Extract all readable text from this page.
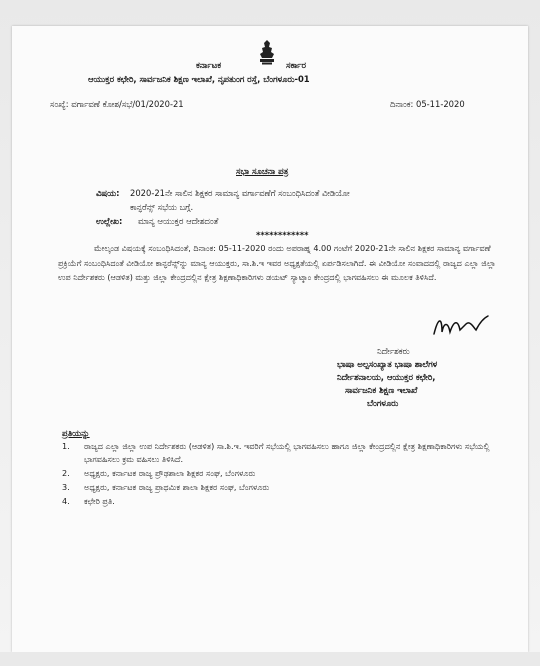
ಕರ್ನಾಟಕ	ಸರ್ಕಾರ
ಆಯುಕ್ತರ ಕಛೇರಿ, ಸಾರ್ವಜನಿಕ ಶಿಕ್ಷಣ ಇಲಾಖೆ, ನೃಪತುಂಗ ರಸ್ತೆ, ಬೆಂಗಳೂರು-01
ಸಂಖ್ಯೆ: ವರ್ಗಾವಣೆ ಕೋಶ/ಸಭೆ/01/2020-21	ದಿನಾಂಕ: 05-11-2020
ಸಭಾ ಸೂಚನಾ ಪತ್ರ
ವಿಷಯ: 2020-21ನೇ ಸಾಲಿನ ಶಿಕ್ಷಕರ ಸಾಮಾನ್ಯ ವರ್ಗಾವಣೆಗೆ ಸಂಬಂಧಿಸಿದಂತೆ ವೀಡಿಯೋ
ಕಾನ್ಫರೆನ್ಸ್ ಸಭೆಯ ಬಗ್ಗೆ.
ಉಲ್ಲೇಖ: ಮಾನ್ಯ ಆಯುಕ್ತರ ಆದೇಶದಂತೆ
************
ಮೇಲ್ಕಂಡ ವಿಷಯಕ್ಕೆ ಸಂಬಂಧಿಸಿದಂತೆ, ದಿನಾಂಕ: 05-11-2020 ರಂದು ಅಪರಾಹ್ನ 4.00 ಗಂಟೆಗೆ 2020-21ನೇ ಸಾಲಿನ ಶಿಕ್ಷಕರ ಸಾಮಾನ್ಯ ವರ್ಗಾವಣೆ ಪ್ರಕ್ರಿಯೆಗೆ ಸಂಬಂಧಿಸಿದಂತೆ ವೀಡಿಯೋ ಕಾನ್ಫರೆನ್ಸ್‌ನ್ನು ಮಾನ್ಯ ಆಯುಕ್ತರು, ಸಾ.ಶಿ.ಇ ಇವರ ಅಧ್ಯಕ್ಷತೆಯಲ್ಲಿ ಏರ್ಪಡಿಸಲಾಗಿದೆ. ಈ ವೀಡಿಯೋ ಸಂವಾದದಲ್ಲಿ ರಾಜ್ಯದ ಎಲ್ಲಾ ಜಿಲ್ಲಾ ಉಪ ನಿರ್ದೇಶಕರು (ಆಡಳಿತ) ಮತ್ತು ಜಿಲ್ಲಾ ಕೇಂದ್ರದಲ್ಲಿನ ಕ್ಷೇತ್ರ ಶಿಕ್ಷಣಾಧಿಕಾರಿಗಳು ಡಯಟ್ ಸ್ಯಾಟ್ಕಾಂ ಕೇಂದ್ರದಲ್ಲಿ ಭಾಗವಹಿಸಲು ಈ ಮೂಲಕ ತಿಳಿಸಿದೆ.
ನಿರ್ದೇಶಕರು
ಭಾಷಾ ಅಲ್ಪಸಂಖ್ಯಾತ ಭಾಷಾ ಶಾಲೆಗಳ
ನಿರ್ದೇಶನಾಲಯ, ಆಯುಕ್ತರ ಕಛೇರಿ,
ಸಾರ್ವಜನಿಕ ಶಿಕ್ಷಣ ಇಲಾಖೆ
ಬೆಂಗಳೂರು
ಪ್ರತಿಯನ್ನು
1. ರಾಜ್ಯದ ಎಲ್ಲಾ ಜಿಲ್ಲಾ ಉಪ ನಿರ್ದೇಶಕರು (ಆಡಳಿತ) ಸಾ.ಶಿ.ಇ. ಇವರಿಗೆ ಸಭೆಯಲ್ಲಿ ಭಾಗವಹಿಸಲು ಹಾಗೂ ಜಿಲ್ಲಾ ಕೇಂದ್ರದಲ್ಲಿನ ಕ್ಷೇತ್ರ ಶಿಕ್ಷಣಾಧಿಕಾರಿಗಳು ಸಭೆಯಲ್ಲಿ ಭಾಗವಹಿಸಲು ಕ್ರಮ ವಹಿಸಲು ತಿಳಿಸಿದೆ.
2. ಅಧ್ಯಕ್ಷರು, ಕರ್ನಾಟಕ ರಾಜ್ಯ ಪ್ರೌಢಶಾಲಾ ಶಿಕ್ಷಕರ ಸಂಘ, ಬೆಂಗಳೂರು
3. ಅಧ್ಯಕ್ಷರು, ಕರ್ನಾಟಕ ರಾಜ್ಯ ಪ್ರಾಥಮಿಕ ಶಾಲಾ ಶಿಕ್ಷಕರ ಸಂಘ, ಬೆಂಗಳೂರು
4. ಕಛೇರಿ ಪ್ರತಿ.
